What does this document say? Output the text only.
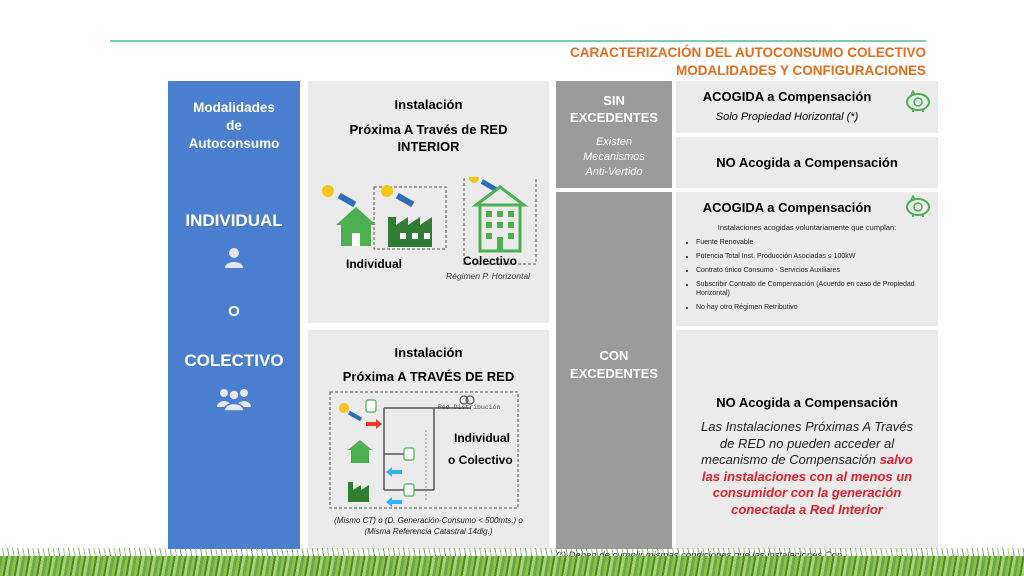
CARACTERIZACIÓN DEL AUTOCONSUMO COLECTIVO
MODALIDADES Y CONFIGURACIONES
Modalidades
de
Autoconsumo
INDIVIDUAL
O
COLECTIVO
Instalación
Próxima A Través de RED
INTERIOR
Individual	Colectivo
Régimen P. Horizontal
Instalación
Próxima A TRAVÉS DE RED
Red Distribución
Individual
o Colectivo
(Mismo CT) o (D. Generación-Consumo < 500mts.) o
(Misma Referencia Catastral 14dig.)
SIN
EXCEDENTES
Existen
Mecanismos
Anti-Vertido
CON
EXCEDENTES
ACOGIDA a Compensación
Solo Propiedad Horizontal (*)
NO Acogida a Compensación
ACOGIDA a Compensación
Instalaciones acogidas voluntariamente que cumplan:
• Fuente Renovable
• Potencia Total Inst. Producción Asociadas ≤ 100kW
• Contrato único Consumo - Servicios Auxiliares
• Subscribir Contrato de Compensación (Acuerdo en caso de Propiedad Horizontal)
• No hay otro Régimen Retributivo
NO Acogida a Compensación
Las Instalaciones Próximas A Través
de RED no pueden acceder al
mecanismo de Compensación salvo
las instalaciones con al menos un
consumidor con la generación
conectada a Red Interior
